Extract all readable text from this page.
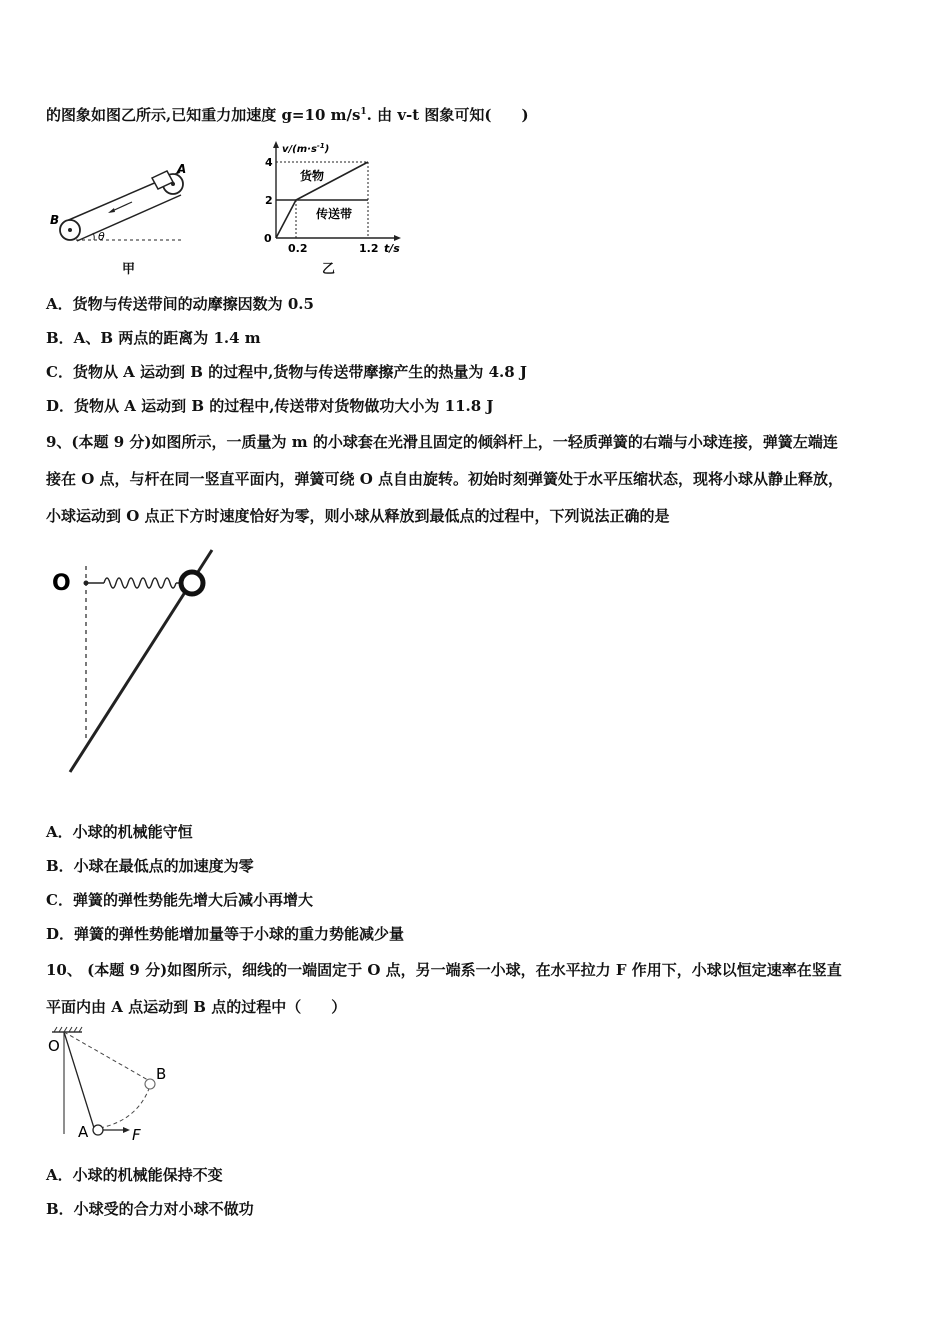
的图象如图乙所示,已知重力加速度 g=10 $m/s^1$. 由 v-t 图象可知(　　)
B
A
θ
甲
$v/(m\cdot s^{-1})$
4
2
0
0.2	1.2 t/s
货物
传送带
乙
A．货物与传送带间的动摩擦因数为 0.5
B．A、B 两点的距离为 1.4 m
C．货物从 A 运动到 B 的过程中,货物与传送带摩擦产生的热量为 4.8 J
D．货物从 A 运动到 B 的过程中,传送带对货物做功大小为 11.8 J
9、(本题 9 分)如图所示，一质量为 m 的小球套在光滑且固定的倾斜杆上，一轻质弹簧的右端与小球连接，弹簧左端连
接在 O 点，与杆在同一竖直平面内，弹簧可绕 O 点自由旋转。初始时刻弹簧处于水平压缩状态，现将小球从静止释放，
小球运动到 O 点正下方时速度恰好为零，则小球从释放到最低点的过程中，下列说法正确的是
O
A．小球的机械能守恒
B．小球在最低点的加速度为零
C．弹簧的弹性势能先增大后减小再增大
D．弹簧的弹性势能增加量等于小球的重力势能减少量
10、 (本题 9 分)如图所示，细线的一端固定于 O 点，另一端系一小球，在水平拉力 F 作用下，小球以恒定速率在竖直
平面内由 A 点运动到 B 点的过程中（　　）
O
A
B
F
A．小球的机械能保持不变
B．小球受的合力对小球不做功
